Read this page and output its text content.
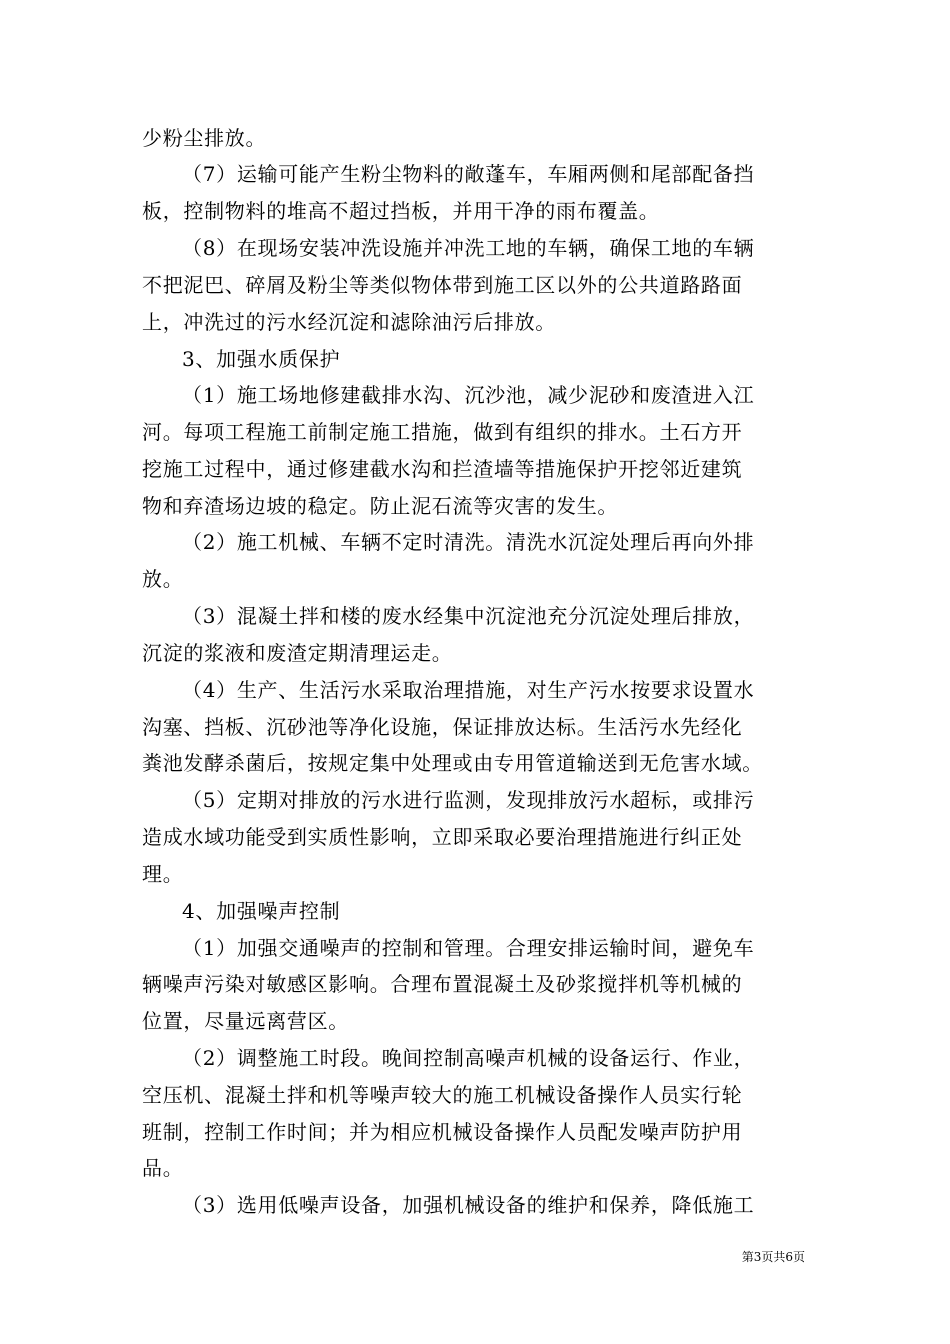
少粉尘排放。
（7）运输可能产生粉尘物料的敞蓬车，车厢两侧和尾部配备挡
板，控制物料的堆高不超过挡板，并用干净的雨布覆盖。
（8）在现场安装冲洗设施并冲洗工地的车辆，确保工地的车辆
不把泥巴、碎屑及粉尘等类似物体带到施工区以外的公共道路路面
上，冲洗过的污水经沉淀和滤除油污后排放。
3、加强水质保护
（1）施工场地修建截排水沟、沉沙池，减少泥砂和废渣进入江
河。每项工程施工前制定施工措施，做到有组织的排水。土石方开
挖施工过程中，通过修建截水沟和拦渣墙等措施保护开挖邻近建筑
物和弃渣场边坡的稳定。防止泥石流等灾害的发生。
（2）施工机械、车辆不定时清洗。清洗水沉淀处理后再向外排
放。
（3）混凝土拌和楼的废水经集中沉淀池充分沉淀处理后排放，
沉淀的浆液和废渣定期清理运走。
（4）生产、生活污水采取治理措施，对生产污水按要求设置水
沟塞、挡板、沉砂池等净化设施，保证排放达标。生活污水先经化
粪池发酵杀菌后，按规定集中处理或由专用管道输送到无危害水域。
（5）定期对排放的污水进行监测，发现排放污水超标，或排污
造成水域功能受到实质性影响，立即采取必要治理措施进行纠正处
理。
4、加强噪声控制
（1）加强交通噪声的控制和管理。合理安排运输时间，避免车
辆噪声污染对敏感区影响。合理布置混凝土及砂浆搅拌机等机械的
位置，尽量远离营区。
（2）调整施工时段。晚间控制高噪声机械的设备运行、作业，
空压机、混凝土拌和机等噪声较大的施工机械设备操作人员实行轮
班制，控制工作时间；并为相应机械设备操作人员配发噪声防护用
品。
（3）选用低噪声设备，加强机械设备的维护和保养，降低施工
第3页共6页
